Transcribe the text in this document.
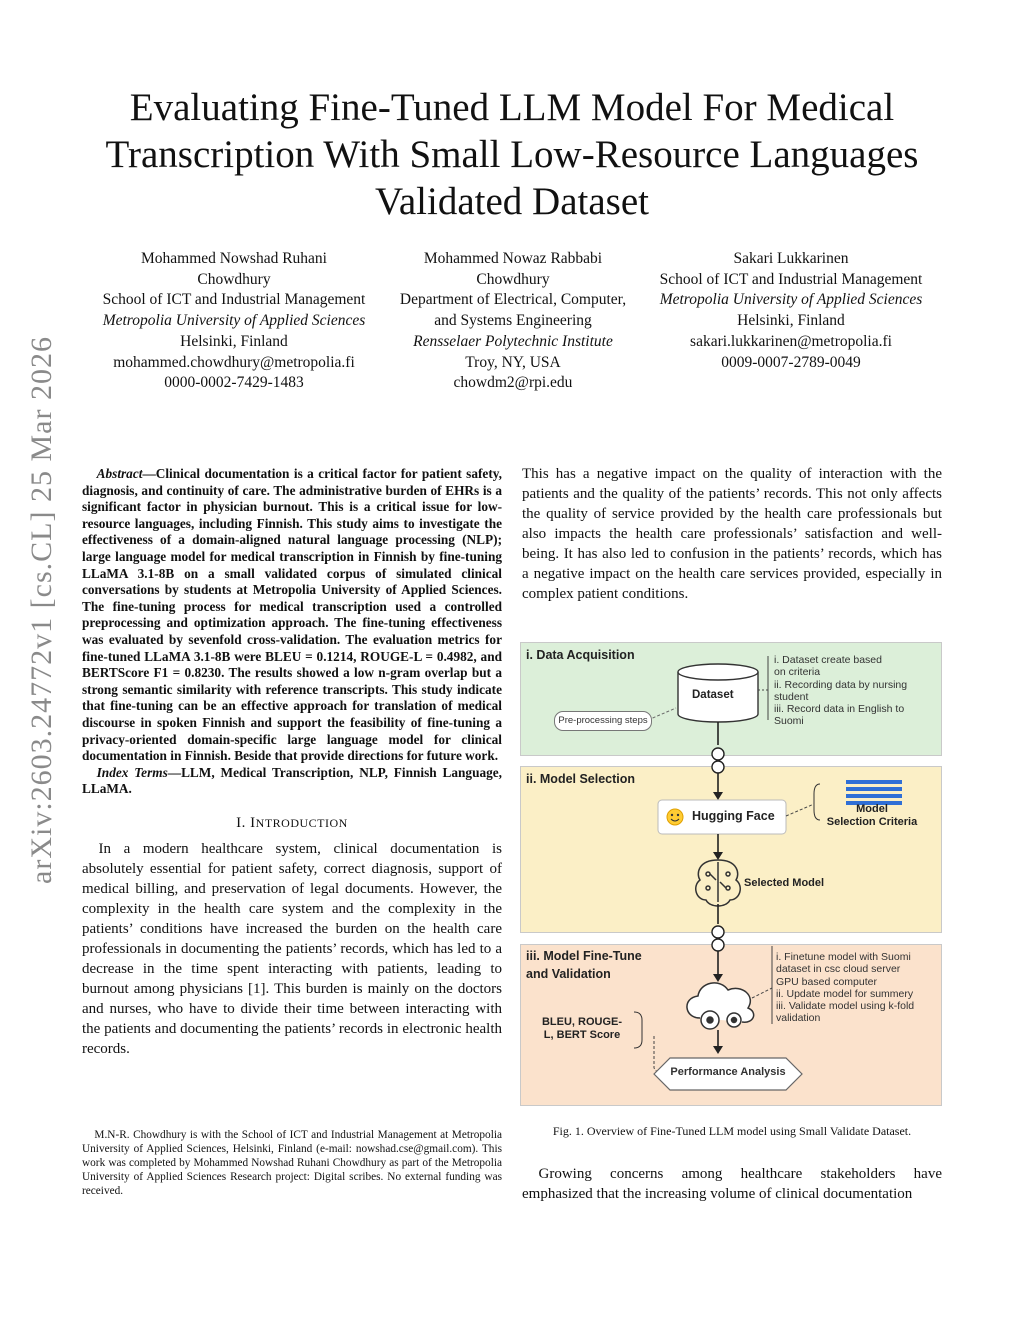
arXiv:2603.24772v1 [cs.CL] 25 Mar 2026
Evaluating Fine-Tuned LLM Model For Medical
Transcription With Small Low-Resource Languages
Validated Dataset
Mohammed Nowshad Ruhani
Chowdhury
School of ICT and Industrial Management
Metropolia University of Applied Sciences
Helsinki, Finland
mohammed.chowdhury@metropolia.fi
0000-0002-7429-1483
Mohammed Nowaz Rabbabi
Chowdhury
Department of Electrical, Computer,
and Systems Engineering
Rensselaer Polytechnic Institute
Troy, NY, USA
chowdm2@rpi.edu
Sakari Lukkarinen
School of ICT and Industrial Management
Metropolia University of Applied Sciences
Helsinki, Finland
sakari.lukkarinen@metropolia.fi
0009-0007-2789-0049
Abstract—Clinical documentation is a critical factor for patient safety, diagnosis, and continuity of care. The administrative burden of EHRs is a significant factor in physician burnout. This is a critical issue for low-resource languages, including Finnish. This study aims to investigate the effectiveness of a domain-aligned natural language processing (NLP); large language model for medical transcription in Finnish by fine-tuning LLaMA 3.1-8B on a small validated corpus of simulated clinical conversations by students at Metropolia University of Applied Sciences. The fine-tuning process for medical transcription used a controlled preprocessing and optimization approach. The fine-tuning effectiveness was evaluated by sevenfold cross-validation. The evaluation metrics for fine-tuned LLaMA 3.1-8B were BLEU = 0.1214, ROUGE-L = 0.4982, and BERTScore F1 = 0.8230. The results showed a low n-gram overlap but a strong semantic similarity with reference transcripts. This study indicate that fine-tuning can be an effective approach for translation of medical discourse in spoken Finnish and support the feasibility of fine-tuning a privacy-oriented domain-specific large language model for clinical documentation in Finnish. Beside that provide directions for future work.
Index Terms—LLM, Medical Transcription, NLP, Finnish Language, LLaMA.
I. INTRODUCTION

In a modern healthcare system, clinical documentation is absolutely essential for patient safety, correct diagnosis, support of medical billing, and preservation of legal documents. However, the complexity in the health care system and the complexity in the patients’ conditions have increased the burden on the health care professionals in documenting the patients’ records, which has led to a decrease in the time spent interacting with patients, leading to burnout among physicians [1]. This burden is mainly on the doctors and nurses, who have to divide their time between interacting with the patients and documenting the patients’ records in electronic health records.

M.N-R. Chowdhury is with the School of ICT and Industrial Management at Metropolia University of Applied Sciences, Helsinki, Finland (e-mail: nowshad.cse@gmail.com). This work was completed by Mohammed Nowshad Ruhani Chowdhury as part of the Metropolia University of Applied Sciences Research project: Digital scribes. No external funding was received.

This has a negative impact on the quality of interaction with the patients and the quality of the patients’ records. This not only affects the quality of service provided by the health care professionals but also impacts the health care professionals’ satisfaction and well-being. It has also led to confusion in the patients’ records, which has a negative impact on the health care services provided, especially in complex patient conditions.

i. Data Acquisition
Dataset
Pre-processing steps
i. Dataset create based
on criteria
ii. Recording data by nursing
student
iii. Record data in English to
Suomi
ii. Model Selection
Hugging Face	Model
Selection Criteria
Selected Model
iii. Model Fine-Tune
and Validation
i. Finetune model with Suomi
dataset in csc cloud server
GPU based computer
ii. Update model for summery
iii. Validate model using k-fold
validation
BLEU, ROUGE-
L, BERT Score
Performance Analysis
Fig. 1. Overview of Fine-Tuned LLM model using Small Validate Dataset.

Growing concerns among healthcare stakeholders have emphasized that the increasing volume of clinical documentation
